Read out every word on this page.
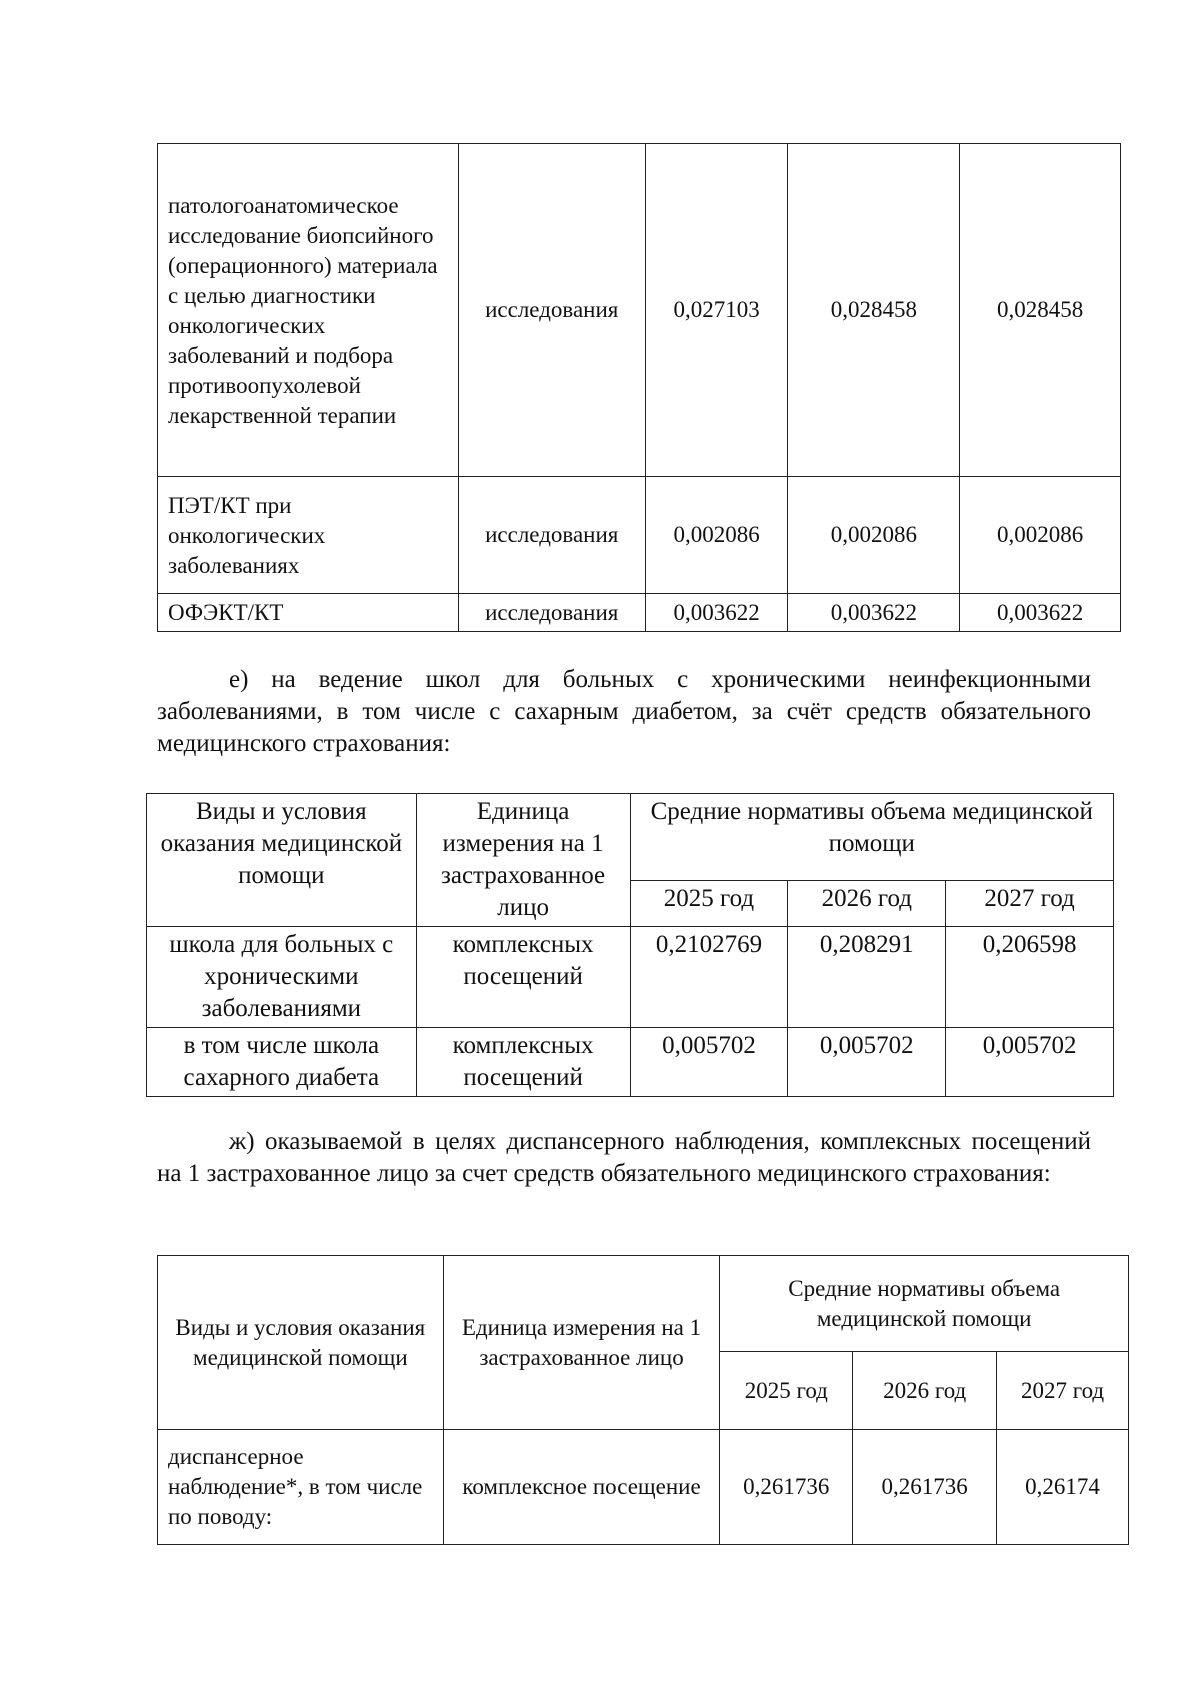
патологоанатомическое исследование биопсийного (операционного) материала с целью диагностики онкологических заболеваний и подбора противоопухолевой лекарственной терапии	исследования	0,027103	0,028458	0,028458
ПЭТ/КТ при онкологических заболеваниях	исследования	0,002086	0,002086	0,002086
ОФЭКТ/КТ	исследования	0,003622	0,003622	0,003622

е) на ведение школ для больных с хроническими неинфекционными заболеваниями, в том числе с сахарным диабетом, за счёт средств обязательного медицинского страхования:

Виды и условия оказания медицинской помощи	Единица измерения на 1 застрахованное лицо	Средние нормативы объема медицинской помощи		
		2025 год	2026 год	2027 год
школа для больных с хроническими заболеваниями	комплексных посещений	0,2102769	0,208291	0,206598
в том числе школа сахарного диабета	комплексных посещений	0,005702	0,005702	0,005702

ж) оказываемой в целях диспансерного наблюдения, комплексных посещений на 1 застрахованное лицо за счет средств обязательного медицинского страхования:

Виды и условия оказания медицинской помощи	Единица измерения на 1 застрахованное лицо	Средние нормативы объема медицинской помощи		
		2025 год	2026 год	2027 год
диспансерное наблюдение*, в том числе по поводу:	комплексное посещение	0,261736	0,261736	0,26174
